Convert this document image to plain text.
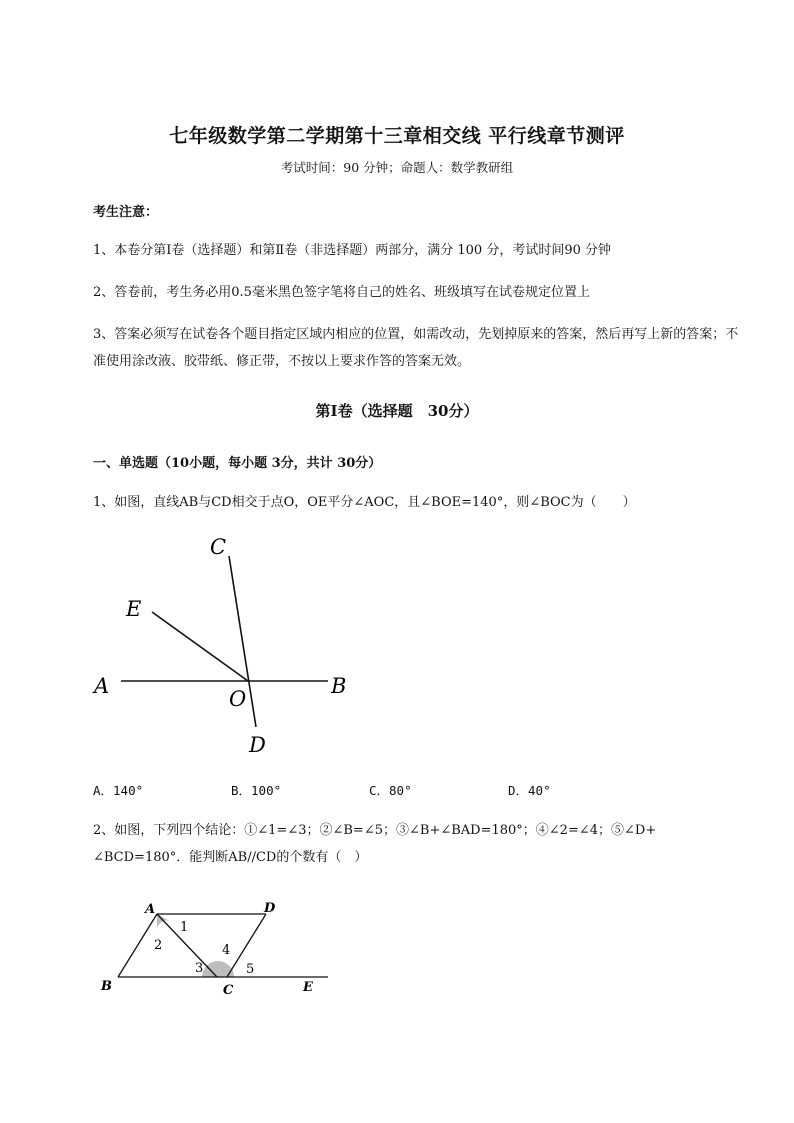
七年级数学第二学期第十三章相交线 平行线章节测评
考试时间：90 分钟；命题人：数学教研组
考生注意：
1、本卷分第Ⅰ卷（选择题）和第Ⅱ卷（非选择题）两部分，满分 100 分，考试时间90 分钟
2、答卷前，考生务必用0.5毫米黑色签字笔将自己的姓名、班级填写在试卷规定位置上
3、答案必须写在试卷各个题目指定区域内相应的位置，如需改动，先划掉原来的答案，然后再写上新的答案；不准使用涂改液、胶带纸、修正带，不按以上要求作答的答案无效。
第Ⅰ卷（选择题　30分）
一、单选题（10小题，每小题 3分，共计 30分）
1、如图，直线AB与CD相交于点O，OE平分∠AOC，且∠BOE=140°，则∠BOC为（　　）
C
E
A
O
B
D
A．140°	B．100°	C．80°	D．40°
2、如图，下列四个结论：①∠1=∠3；②∠B=∠5；③∠B+∠BAD=180°；④∠2=∠4；⑤∠D+
∠BCD=180°．能判断AB//CD的个数有（　）
A	D
B	C	E
1
2
3
4
5
